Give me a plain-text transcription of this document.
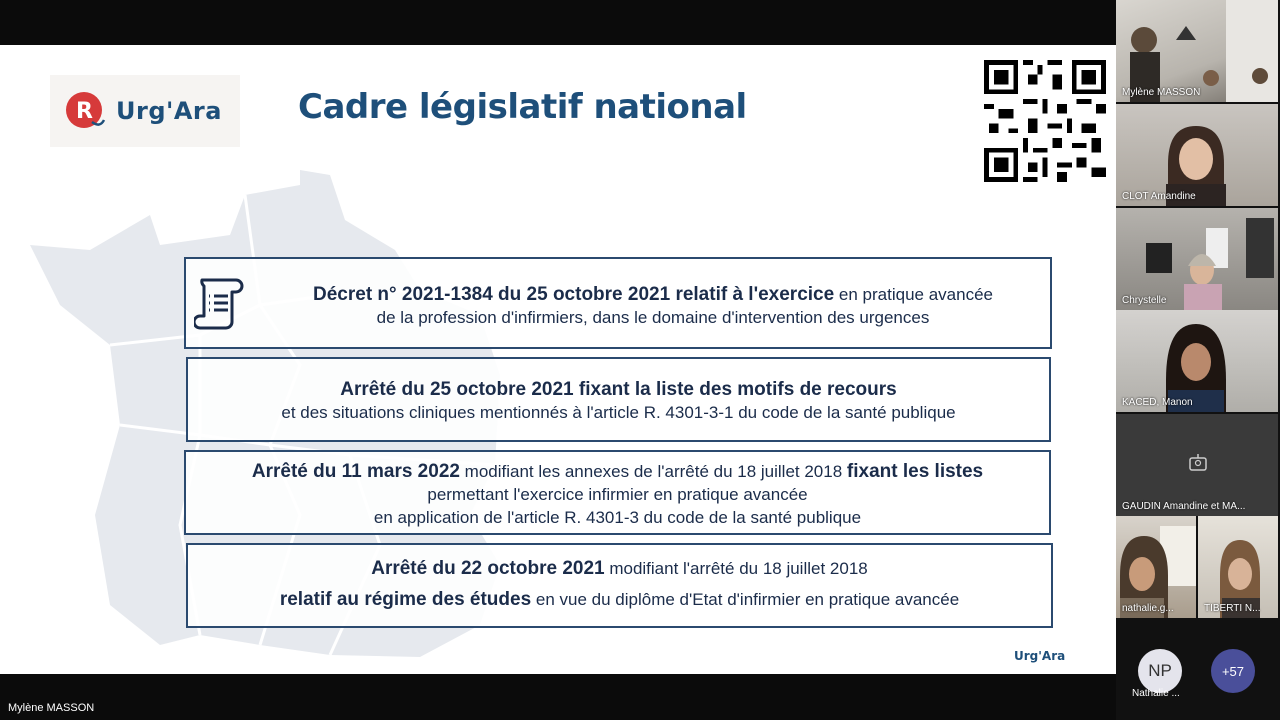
R Urg'Ara Cadre législatif national
Décret n° 2021-1384 du 25 octobre 2021 relatif à l'exercice en pratique avancée
de la profession d'infirmiers, dans le domaine d'intervention des urgences
Arrêté du 25 octobre 2021 fixant la liste des motifs de recours
et des situations cliniques mentionnés à l'article R. 4301-3-1 du code de la santé publique
Arrêté du 11 mars 2022 modifiant les annexes de l'arrêté du 18 juillet 2018 fixant les listes
permettant l'exercice infirmier en pratique avancée
en application de l'article R. 4301-3 du code de la santé publique
Arrêté du 22 octobre 2021 modifiant l'arrêté du 18 juillet 2018
relatif au régime des études en vue du diplôme d'Etat d'infirmier en pratique avancée
Urg'Ara
Mylène MASSON
CLOT Amandine
Chrystelle
KACED, Manon
GAUDIN Amandine et MA...
nathalie.g...	TIBERTI N...
NP
Nathalie ...
+57
Mylène MASSON
